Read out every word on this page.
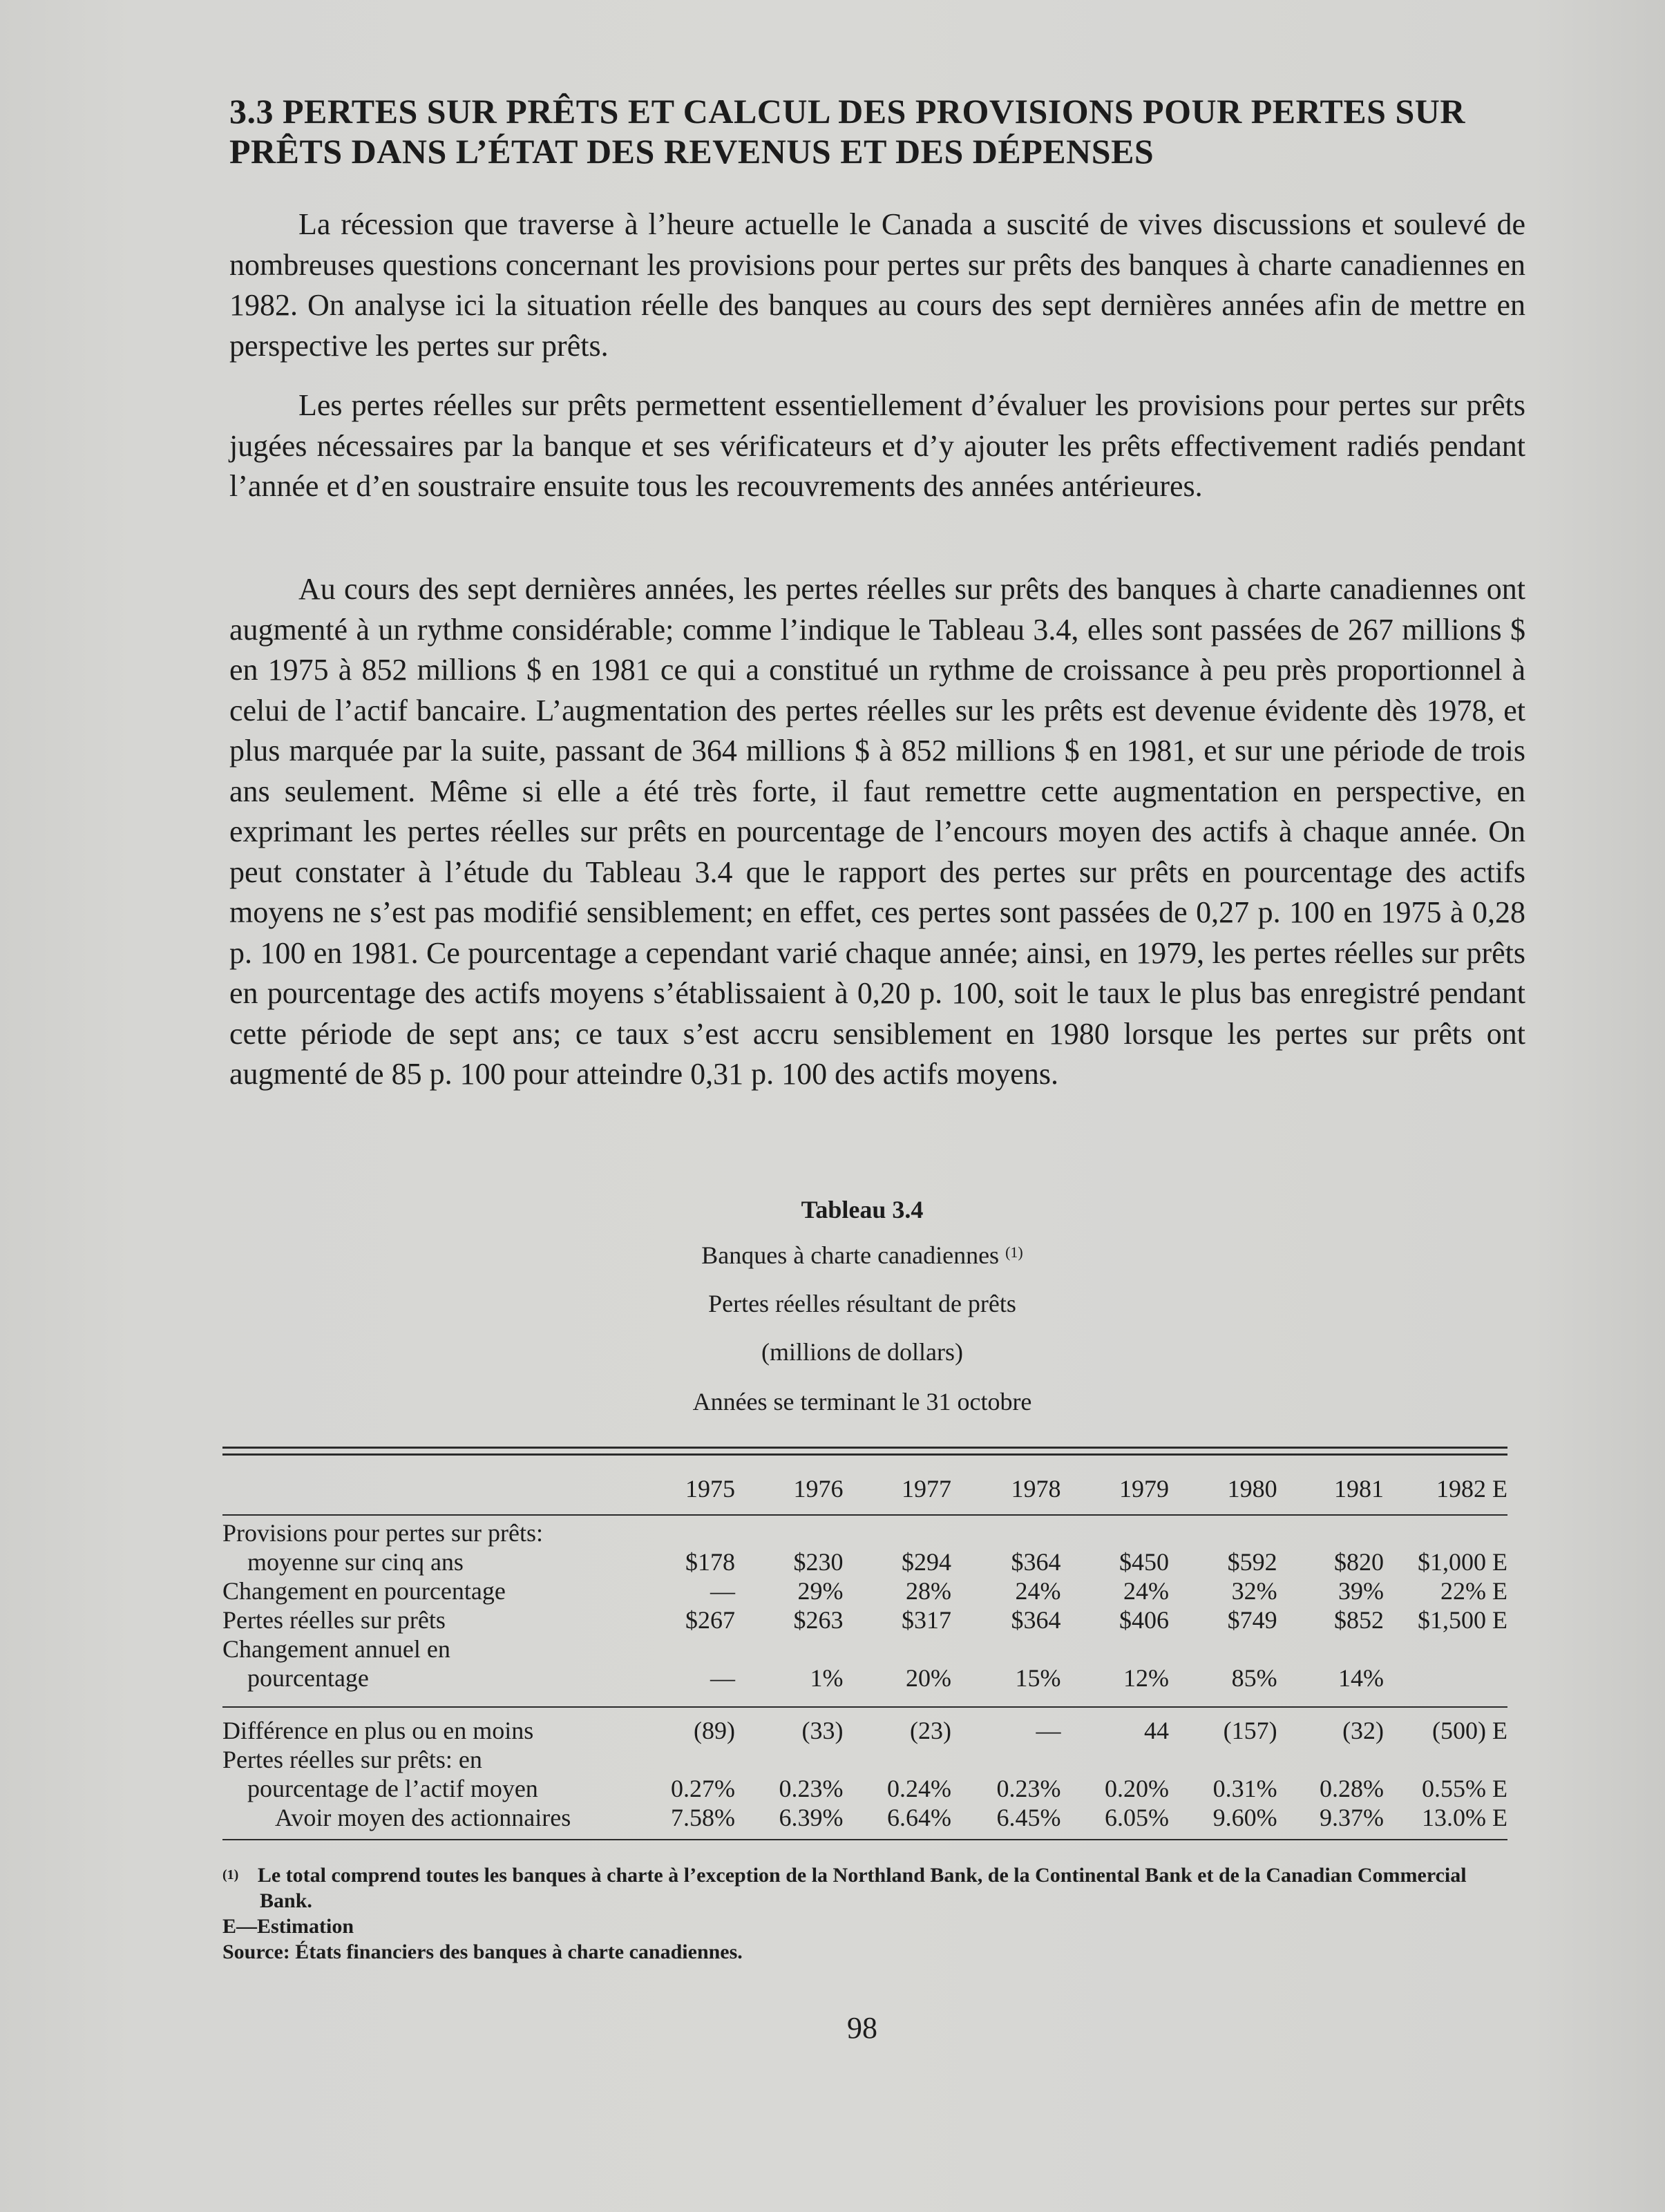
3.3 PERTES SUR PRÊTS ET CALCUL DES PROVISIONS POUR PERTES SUR
PRÊTS DANS L’ÉTAT DES REVENUS ET DES DÉPENSES

La récession que traverse à l’heure actuelle le Canada a suscité de vives discussions et soulevé de nombreuses questions concernant les provisions pour pertes sur prêts des banques à charte canadiennes en 1982. On analyse ici la situation réelle des banques au cours des sept dernières années afin de mettre en perspective les pertes sur prêts.

Les pertes réelles sur prêts permettent essentiellement d’évaluer les provisions pour pertes sur prêts jugées nécessaires par la banque et ses vérificateurs et d’y ajouter les prêts effectivement radiés pendant l’année et d’en soustraire ensuite tous les recouvrements des années antérieures.

Au cours des sept dernières années, les pertes réelles sur prêts des banques à charte canadiennes ont augmenté à un rythme considérable; comme l’indique le Tableau 3.4, elles sont passées de 267 millions $ en 1975 à 852 millions $ en 1981 ce qui a constitué un rythme de croissance à peu près proportionnel à celui de l’actif bancaire. L’augmentation des pertes réelles sur les prêts est devenue évidente dès 1978, et plus marquée par la suite, passant de 364 millions $ à 852 millions $ en 1981, et sur une période de trois ans seulement. Même si elle a été très forte, il faut remettre cette augmentation en perspective, en exprimant les pertes réelles sur prêts en pourcentage de l’encours moyen des actifs à chaque année. On peut constater à l’étude du Tableau 3.4 que le rapport des pertes sur prêts en pourcentage des actifs moyens ne s’est pas modifié sensiblement; en effet, ces pertes sont passées de 0,27 p. 100 en 1975 à 0,28 p. 100 en 1981. Ce pourcentage a cependant varié chaque année; ainsi, en 1979, les pertes réelles sur prêts en pourcentage des actifs moyens s’établissaient à 0,20 p. 100, soit le taux le plus bas enregistré pendant cette période de sept ans; ce taux s’est accru sensiblement en 1980 lorsque les pertes sur prêts ont augmenté de 85 p. 100 pour atteindre 0,31 p. 100 des actifs moyens.

Tableau 3.4
Banques à charte canadiennes $^{(1)}$
Pertes réelles résultant de prêts
(millions de dollars)
Années se terminant le 31 octobre
	1975	1976	1977	1978	1979	1980	1981	1982 E
Provisions pour pertes sur prêts:								
moyenne sur cinq ans	$178	$230	$294	$364	$450	$592	$820	$1,000 E
Changement en pourcentage	—	29%	28%	24%	24%	32%	39%	22% E
Pertes réelles sur prêts	$267	$263	$317	$364	$406	$749	$852	$1,500 E
Changement annuel en								
pourcentage	—	1%	20%	15%	12%	85%	14%	
Différence en plus ou en moins	(89)	(33)	(23)	—	44	(157)	(32)	(500) E
Pertes réelles sur prêts: en								
pourcentage de l’actif moyen	0.27%	0.23%	0.24%	0.23%	0.20%	0.31%	0.28%	0.55% E
Avoir moyen des actionnaires	7.58%	6.39%	6.64%	6.45%	6.05%	9.60%	9.37%	13.0% E
$^{(1)}$ Le total comprend toutes les banques à charte à l’exception de la Northland Bank, de la Continental Bank et de la Canadian Commercial Bank.
E—Estimation
Source: États financiers des banques à charte canadiennes.
98
